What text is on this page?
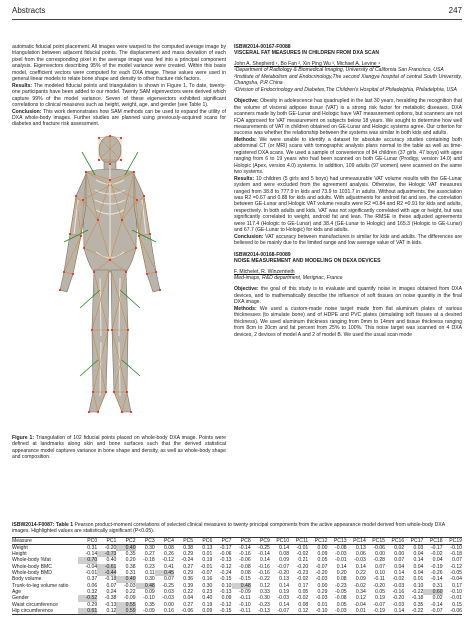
Abstracts	247

automatic fiducial point placement. All images were warped to the computed average image by triangulation between adjacent fiducial points. The displacement and mass deviation of each pixel from the corresponding pixel in the average image was fed into a principal component analysis. Eigenvectors describing 95% of the model variance were created. Within this basis model, coefficient vectors were computed for each DXA image. These values were used in general linear models to relate bone shape and density to other fracture risk factors.

Results: The modeled fiducial points and triangulation is shown in Figure 1. To date, twenty-one participants have been added to our model. Twenty SAM eigenvectors were derived which capture 99% of the model variance. Seven of these eigenvectors exhibited significant correlations to clinical measures such as height, weight, age, and gender (see Table 1).

Conclusion: This work demonstrates how SAM methods can be used to expand the utility of DXA whole-body images. Further studies are planned using previously-acquired scans for diabetes and fracture risk assessment.

Figure 1: Triangulation of 102 fiducial points placed on whole-body DXA image. Points were defined at landmarks along skin and bone surfaces such that the derived statistical appearance model captures variance in bone shape and density, as well as whole-body shape and composition.

ISBW2014-00167-F0088

VISCERAL FAT MEASURES IN CHILDREN FROM DXA SCAN

John A. Shepherd ¹, Bo Fan ², Xin Ping Wu ³, Michael A. Levine ⁴

¹Department of Radiology & Biomedical Imaging, University of California San Francisco, USA

²Institute of Metabolism and Endocrinology,The second Xiangya hospital of central South University, Changsha, P.R China

³Division of Endocrinology and Diabetes,The Children's Hospital of Philadelphia, Philadelphia, USA

Objective: Obesity in adolescence has quadrupled in the last 30 years, heralding the recognition that the volume of visceral adipose tissue (VAT) is a strong risk factor for metabolic diseases. DXA scanners made by both GE-Lunar and Hologic have VAT measurement options, but scanners are not FDA approved for VAT measurement on subjects below 18 years. We sought to determine how well measurements of VAT in children obtained on GE-Lunar and Hologic systems agree. Our criterion for success was whether the relationship between the systems was similar in both kids and adults.

Methods: We were unable to identify a dataset for absolute accuracy studies containing both abdominal CT (or MRI) scans with tomographic analysis plans normal to the table as well as time-registered DXA scans. We used a sample of convenience of 84 children (37 girls, 47 boys) with ages ranging from 6 to 19 years who had been scanned on both GE-Lunar (Prodigy, version 14.0) and Holopic (Apex, version 4.0) systems. In addition, 109 adults (97 women) were scanned on the same two systems.

Results: 10 children (5 girls and 5 boys) had unmeasurable VAT volume results with the GE-Lunar system and were excluded from the agreement analysis. Otherwise, the Hologic VAT measures ranged from 38.8 to 777.9 in kids and 73.9 to 1031.7 in adults. Without adjustments, the association was R2 =0.67 and 0.88 for kids and adults. With adjustments for android fat and sex, the correlation between GE-Lunar and Hologic VAT volume results were R2 =0.84 and R2 =0.91 for kids and adults, respectively. In both adults and kids, VAT was not significantly correlated with age or height, but was significantly correlated to weight, android fat and lean. The RMSE in these adjusted agreements were 117.4 (Hologic to GE-Lunar) and 38.4 (GE-Lunar to Hologic) and 165.3 (Hologic to GE-Lunar) and 67.7 (GE-Lunar to Hologic) for kids and adults.

Conclusion: VAT accuracy between manufactures is similar for kids and adults. The differences are believed to be mainly due to the limited range and low average value of VAT in kids.

ISBW2014-00168-F0089

NOISE MEASUREMENT AND MODELING ON DEXA DEVICES

F. Michelet, R. Winzenrieth

Med-imaps, R&D department, Merignac, France

Objective: the goal of this study is to evaluate and quantify noise in images obtained from DXA devices, and to mathematically describe the influence of soft tissues on noise quantity in the final DXA image.

Methods: We used a custom-made noise target made from flat aluminum plates of various thicknesses (to simulate bone) and of HDPE and PVC plates (simulating soft tissues at a desired thickness). We used aluminum thickness ranging from 0mm to 14mm and tissue thickness ranging from 8cm to 20cm and fat percent from 25% to 100%. This noise target was scanned on 4 DXA devices, 2 devices of model A and 2 of model B. We used the usual scan mode

ISBW2014-F0087: Table 1 Pearson product-moment correlations of selected clinical measures to twenty principal components from the active appearance model derived from whole-body DXA images. Highlighted values are statistically significant (P<0.05).
Measure	PC0	PC1	PC2	PC3	PC4	PC5	PC6	PC7	PC8	PC9	PC10	PC11	PC12	PC13	PC14	PC15	PC16	PC17	PC18	PC19
Weight	0.31	-0.20	0.40	0.30	0.08	0.38	0.13	-0.17	-0.14	-0.25	0.14	-0.01	0.00	-0.08	0.13	-0.06	0.02	0.03	-0.17	-0.10
Height	-0.14	-0.73	0.35	0.27	0.26	0.29	0.01	-0.06	-0.16	-0.14	0.08	-0.02	0.09	-0.03	0.06	0.00	0.00	0.04	-0.02	-0.18
Whole-body %fat	0.70	0.40	0.20	-0.18	-0.12	-0.24	0.19	-0.13	-0.06	0.14	0.09	0.21	0.05	-0.01	-0.03	-0.28	0.07	0.14	0.04	0.07
Whole-body BMC	-0.04	-0.61	0.38	0.23	0.41	0.27	-0.01	-0.12	-0.08	-0.16	-0.07	-0.20	-0.07	0.14	0.14	0.07	0.04	0.04	-0.19	-0.12
Whole-body BMD	-0.01	-0.44	0.31	0.11	0.45	0.29	-0.07	-0.24	0.08	-0.16	-0.20	-0.23	-0.20	0.20	0.22	0.10	0.14	0.04	-0.26	-0.05
Body volume	0.37	-0.18	0.40	0.30	0.07	0.36	0.16	-0.15	-0.15	-0.22	0.13	-0.02	-0.03	0.08	0.09	-0.11	-0.02	0.01	-0.14	-0.04
Trunk-to-leg volume ratio	0.06	0.07	-0.03	0.48	-0.25	0.39	0.30	0.10	0.48	0.12	0.14	0.17	0.00	-0.23	-0.02	-0.20	-0.03	0.10	0.31	0.17
Age	0.32	0.24	0.22	0.09	0.03	0.22	0.23	-0.13	-0.09	0.33	0.19	0.05	0.29	-0.05	0.34	0.05	-0.16	-0.22	0.60	-0.10
Gender	-0.52	-0.38	-0.09	-0.10	-0.03	0.04	0.40	0.09	-0.11	-0.30	-0.03	-0.02	-0.03	-0.08	0.12	0.19	-0.20	-0.18	0.02	-0.01
Waist circumference	0.29	-0.13	0.55	0.35	0.00	0.27	0.19	-0.12	-0.10	-0.23	0.14	0.08	0.01	0.05	-0.04	-0.07	-0.03	0.35	-0.14	0.15
Hip circumference	0.61	0.12	0.59	-0.09	0.16	-0.06	0.09	-0.15	-0.11	-0.13	-0.07	0.12	-0.10	-0.03	0.01	-0.19	0.14	-0.22	-0.07	-0.06
